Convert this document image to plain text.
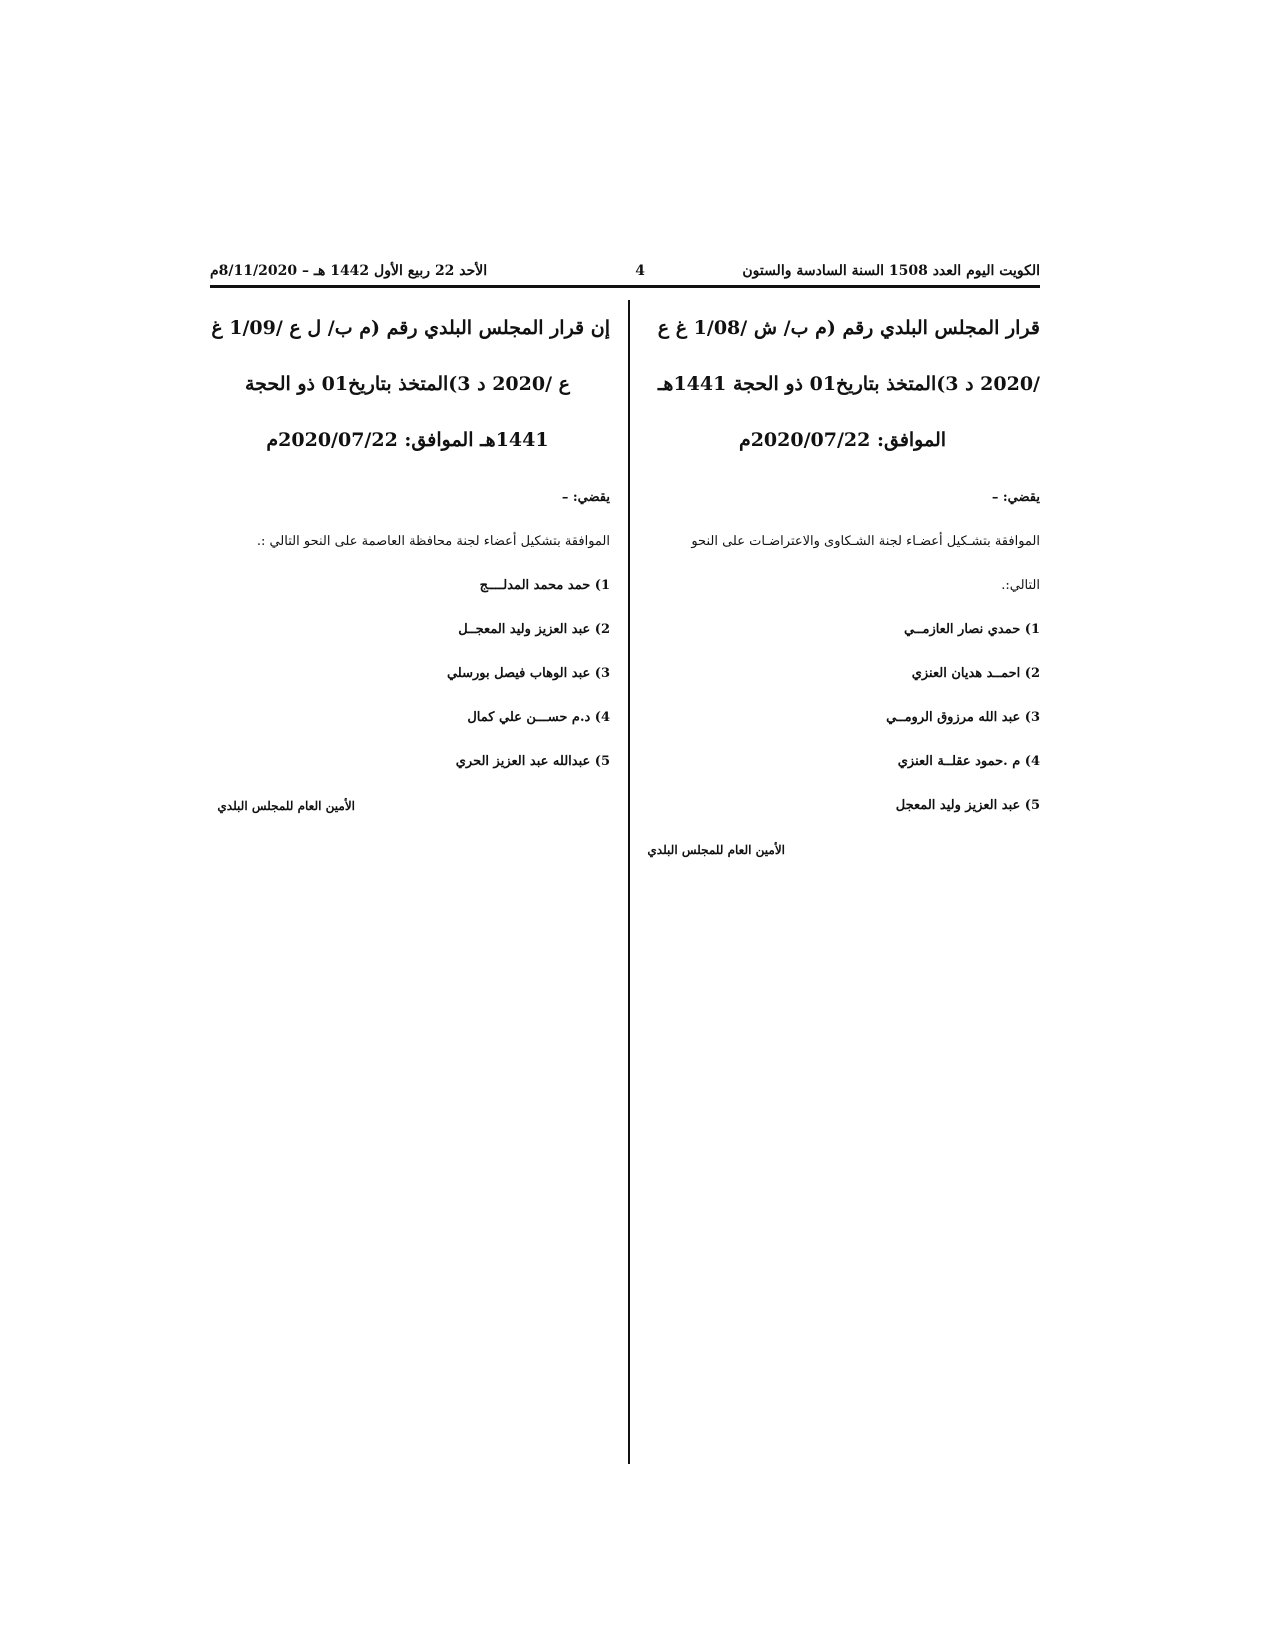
الكويت اليوم العدد 1508 السنة السادسة والستون
4
الأحد 22 ربيع الأول 1442 هـ – 8/11/2020م
قرار المجلس البلدي رقم (م ب/ ش /1/08 غ ع
/2020 د 3)المتخذ بتاريخ01 ذو الحجة 1441هـ
الموافق: 2020/07/22م
يقضي: –
الموافقة بتشـكيل أعضـاء لجنة الشـكاوى والاعتراضـات على النحو
التالي:.
1) حمدي نصار العازمــي
2) احمــد هديان العنزي
3) عبد الله مرزوق الرومــي
4) م .حمود عقلــة العنزي
5) عبد العزيز وليد المعجل
الأمين العام للمجلس البلدي
إن قرار المجلس البلدي رقم (م ب/ ل ع /1/09 غ
ع /2020 د 3)المتخذ بتاريخ01 ذو الحجة
1441هـ الموافق: 2020/07/22م
يقضي: –
الموافقة بتشكيل أعضاء لجنة محافظة العاصمة على النحو التالي :.
1) حمد محمد المدلــــج
2) عبد العزيز وليد المعجــل
3) عبد الوهاب فيصل بورسلي
4) د.م حســـن علي كمال
5) عبدالله عبد العزيز الحري
الأمين العام للمجلس البلدي
